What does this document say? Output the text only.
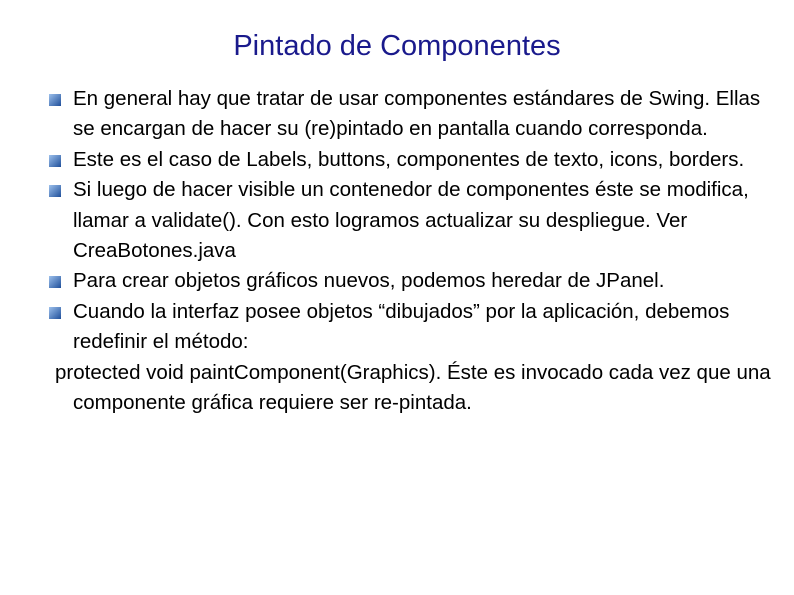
Pintado de Componentes
En general hay que tratar de usar componentes estándares de Swing. Ellas se encargan de hacer su (re)pintado en pantalla cuando corresponda.
Este es el caso de Labels, buttons, componentes de texto, icons, borders.
Si luego de hacer visible un contenedor de componentes éste se modifica, llamar a validate(). Con esto logramos actualizar su despliegue. Ver CreaBotones.java
Para crear objetos gráficos nuevos, podemos heredar de JPanel.
Cuando la interfaz posee objetos “dibujados” por la aplicación, debemos redefinir el método:
protected void paintComponent(Graphics). Éste es invocado cada vez que una componente gráfica requiere ser re-pintada.
